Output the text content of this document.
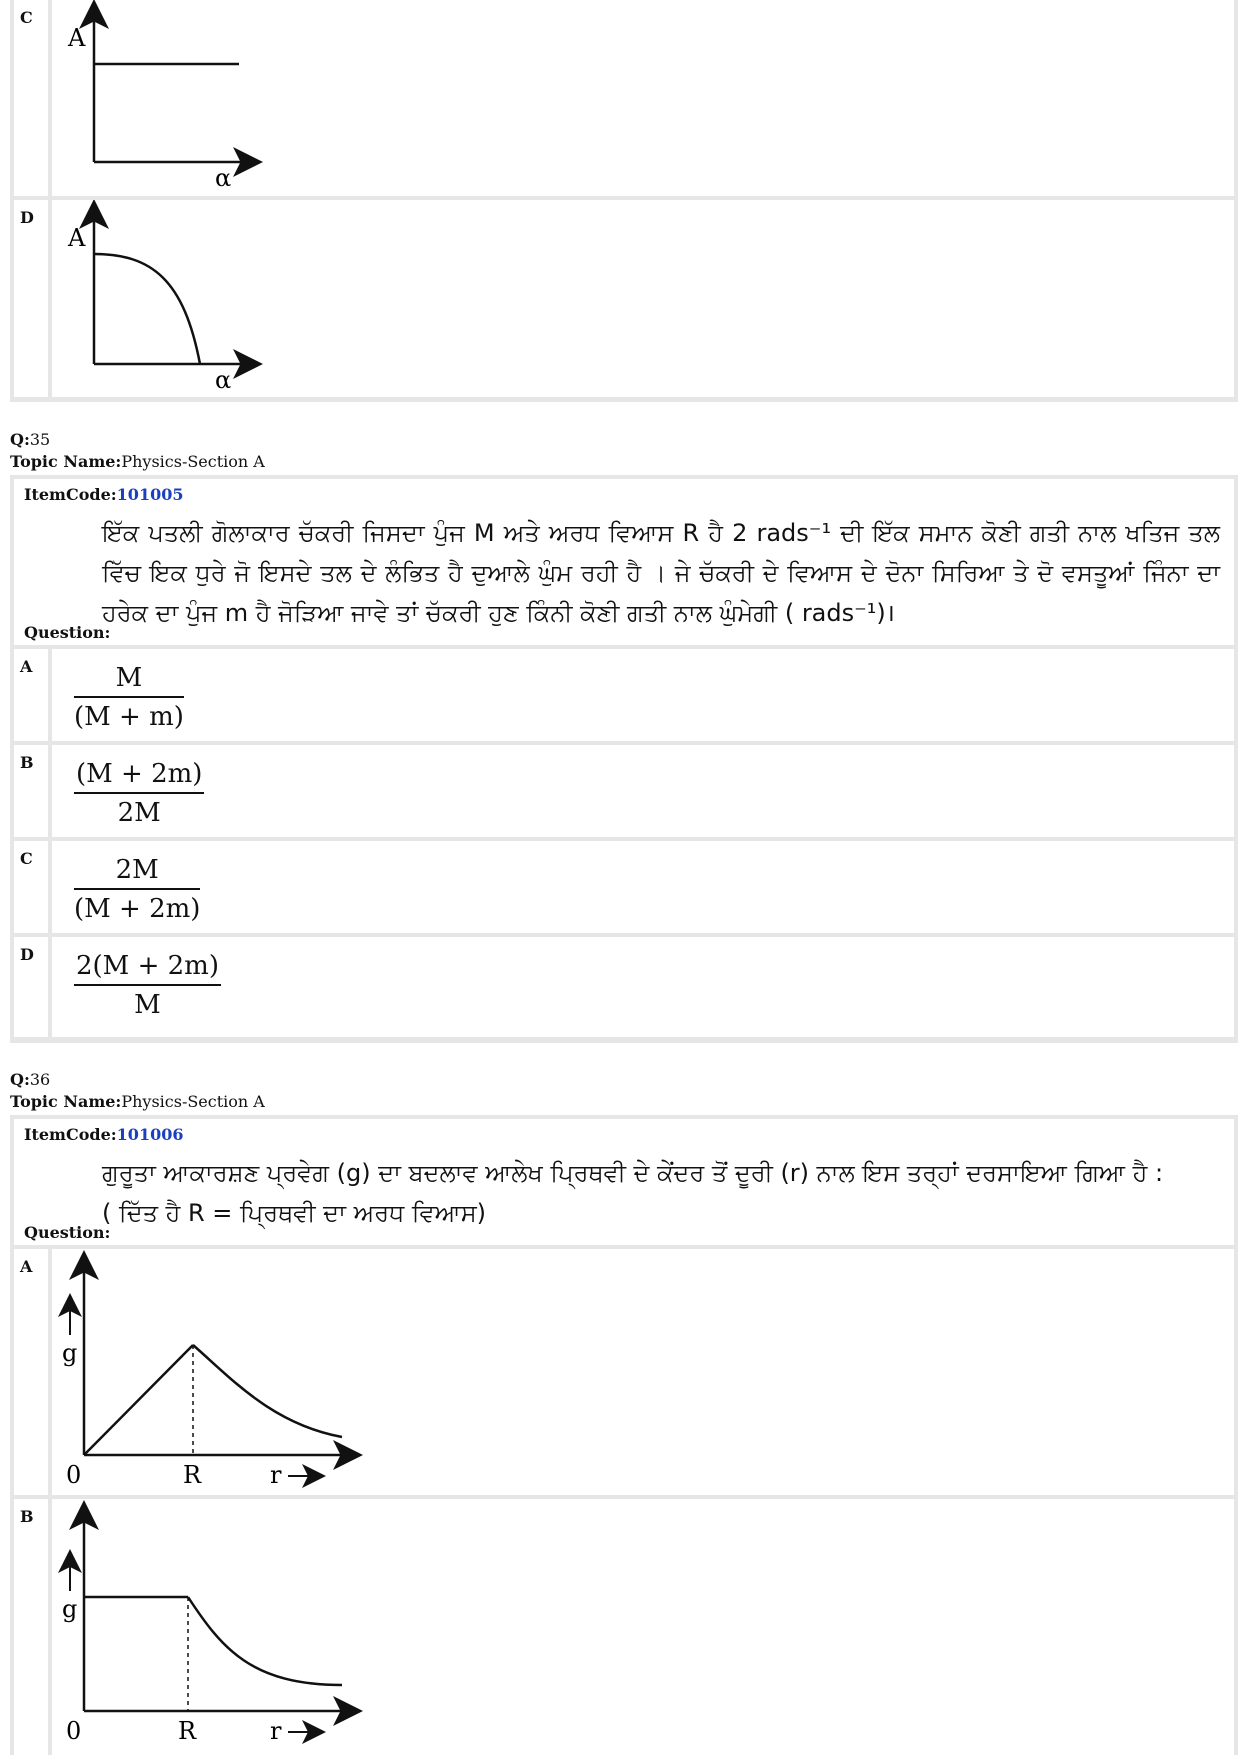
C
A
α
D
A
α
Q:35
Topic Name:Physics-Section A
ItemCode:101005
ਇੱਕ ਪਤਲੀ ਗੋਲਾਕਾਰ ਚੱਕਰੀ ਜਿਸਦਾ ਪੁੰਜ M ਅਤੇ ਅਰਧ ਵਿਆਸ R ਹੈ 2 rads⁻¹ ਦੀ ਇੱਕ ਸਮਾਨ ਕੋਣੀ ਗਤੀ ਨਾਲ ਖਤਿਜ ਤਲ ਵਿੱਚ ਇਕ ਧੁਰੇ ਜੋ ਇਸਦੇ ਤਲ ਦੇ ਲੰਭਿਤ ਹੈ ਦੁਆਲੇ ਘੁੰਮ ਰਹੀ ਹੈ । ਜੇ ਚੱਕਰੀ ਦੇ ਵਿਆਸ ਦੇ ਦੋਨਾ ਸਿਰਿਆ ਤੇ ਦੋ ਵਸਤੂਆਂ ਜਿੰਨਾ ਦਾ ਹਰੇਕ ਦਾ ਪੁੰਜ m ਹੈ ਜੋੜਿਆ ਜਾਵੇ ਤਾਂ ਚੱਕਰੀ ਹੁਣ ਕਿੰਨੀ ਕੋਣੀ ਗਤੀ ਨਾਲ ਘੁੰਮੇਗੀ ( rads⁻¹)।
Question:
A $\frac{M}{(M + m)}$
B $\frac{(M + 2m)}{2M}$
C $\frac{2M}{(M + 2m)}$
D $\frac{2(M + 2m)}{M}$
Q:36
Topic Name:Physics-Section A
ItemCode:101006
ਗੁਰੂਤਾ ਆਕਾਰਸ਼ਣ ਪ੍ਰਵੇਗ (g) ਦਾ ਬਦਲਾਵ ਆਲੇਖ ਪ੍ਰਿਥਵੀ ਦੇ ਕੇਂਦਰ ਤੋਂ ਦੂਰੀ (r) ਨਾਲ ਇਸ ਤਰ੍ਹਾਂ ਦਰਸਾਇਆ ਗਿਆ ਹੈ :
( ਦਿੱਤ ਹੈ R = ਪ੍ਰਿਥਵੀ ਦਾ ਅਰਧ ਵਿਆਸ)
Question:
A
g
0	R	r
B
g
0	R	r
